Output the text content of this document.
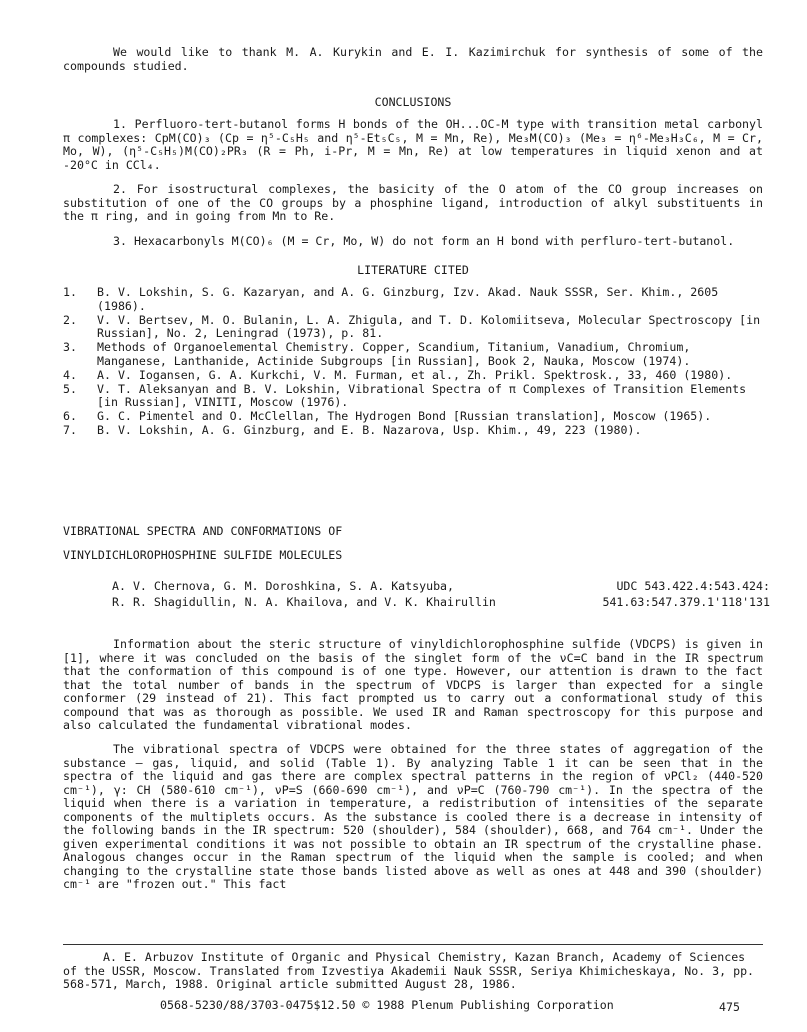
We would like to thank M. A. Kurykin and E. I. Kazimirchuk for synthesis of some of the compounds studied.

CONCLUSIONS

1. Perfluoro-tert-butanol forms H bonds of the OH...OC-M type with transition metal carbonyl π complexes: CpM(CO)₃ (Cp = η⁵-C₅H₅ and η⁵-Et₅C₅, M = Mn, Re), Me₃M(CO)₃ (Me₃ = η⁶-Me₃H₃C₆, M = Cr, Mo, W), (η⁵-C₅H₅)M(CO)₂PR₃ (R = Ph, i-Pr, M = Mn, Re) at low temperatures in liquid xenon and at -20°C in CCl₄.

2. For isostructural complexes, the basicity of the O atom of the CO group increases on substitution of one of the CO groups by a phosphine ligand, introduction of alkyl substituents in the π ring, and in going from Mn to Re.

3. Hexacarbonyls M(CO)₆ (M = Cr, Mo, W) do not form an H bond with perfluro-tert-butanol.

LITERATURE CITED

1. B. V. Lokshin, S. G. Kazaryan, and A. G. Ginzburg, Izv. Akad. Nauk SSSR, Ser. Khim., 2605 (1986).
2. V. V. Bertsev, M. O. Bulanin, L. A. Zhigula, and T. D. Kolomiitseva, Molecular Spectroscopy [in Russian], No. 2, Leningrad (1973), p. 81.
3. Methods of Organoelemental Chemistry. Copper, Scandium, Titanium, Vanadium, Chromium, Manganese, Lanthanide, Actinide Subgroups [in Russian], Book 2, Nauka, Moscow (1974).
4. A. V. Iogansen, G. A. Kurkchi, V. M. Furman, et al., Zh. Prikl. Spektrosk., 33, 460 (1980).
5. V. T. Aleksanyan and B. V. Lokshin, Vibrational Spectra of π Complexes of Transition Elements [in Russian], VINITI, Moscow (1976).
6. G. C. Pimentel and O. McClellan, The Hydrogen Bond [Russian translation], Moscow (1965).
7. B. V. Lokshin, A. G. Ginzburg, and E. B. Nazarova, Usp. Khim., 49, 223 (1980).

VIBRATIONAL SPECTRA AND CONFORMATIONS OF

VINYLDICHLOROPHOSPHINE SULFIDE MOLECULES

A. V. Chernova, G. M. Doroshkina, S. A. Katsyuba,

R. R. Shagidullin, N. A. Khailova, and V. K. Khairullin

UDC 543.422.4:543.424:

541.63:547.379.1'118'131

Information about the steric structure of vinyldichlorophosphine sulfide (VDCPS) is given in [1], where it was concluded on the basis of the singlet form of the νC=C band in the IR spectrum that the conformation of this compound is of one type. However, our attention is drawn to the fact that the total number of bands in the spectrum of VDCPS is larger than expected for a single conformer (29 instead of 21). This fact prompted us to carry out a conformational study of this compound that was as thorough as possible. We used IR and Raman spectroscopy for this purpose and also calculated the fundamental vibrational modes.

The vibrational spectra of VDCPS were obtained for the three states of aggregation of the substance — gas, liquid, and solid (Table 1). By analyzing Table 1 it can be seen that in the spectra of the liquid and gas there are complex spectral patterns in the region of νPCl₂ (440-520 cm⁻¹), γ: CH (580-610 cm⁻¹), νP=S (660-690 cm⁻¹), and νP=C (760-790 cm⁻¹). In the spectra of the liquid when there is a variation in temperature, a redistribution of intensities of the separate components of the multiplets occurs. As the substance is cooled there is a decrease in intensity of the following bands in the IR spectrum: 520 (shoulder), 584 (shoulder), 668, and 764 cm⁻¹. Under the given experimental conditions it was not possible to obtain an IR spectrum of the crystalline phase. Analogous changes occur in the Raman spectrum of the liquid when the sample is cooled; and when changing to the crystalline state those bands listed above as well as ones at 448 and 390 (shoulder) cm⁻¹ are "frozen out." This fact

A. E. Arbuzov Institute of Organic and Physical Chemistry, Kazan Branch, Academy of Sciences of the USSR, Moscow. Translated from Izvestiya Akademii Nauk SSSR, Seriya Khimicheskaya, No. 3, pp. 568-571, March, 1988. Original article submitted August 28, 1986.

0568-5230/88/3703-0475$12.50 © 1988 Plenum Publishing Corporation	475
